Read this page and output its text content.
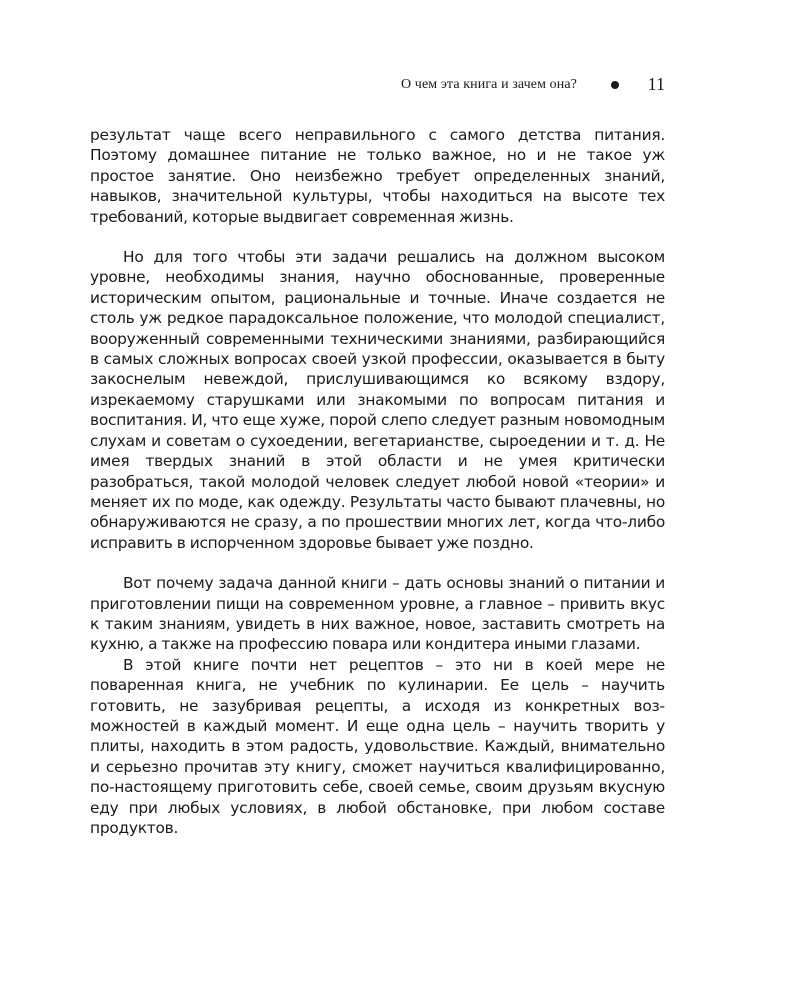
О чем эта книга и зачем она?	11

результат чаще всего неправильного с самого детства питания. Поэтому домашнее питание не только важное, но и не такое уж простое занятие. Оно неизбежно требует определенных знаний, навыков, значительной культуры, чтобы находиться на высоте тех требований, которые выдвигает современная жизнь.

Но для того чтобы эти задачи решались на должном высоком уровне, необходимы знания, научно обоснованные, проверенные историческим опытом, рациональные и точные. Иначе создается не столь уж редкое парадоксальное положение, что молодой специалист, вооруженный современными техническими знаниями, разбирающийся в самых сложных вопросах своей узкой профессии, оказывается в быту закоснелым невеждой, прислушивающимся ко всякому вздору, изрекаемому старушками или знакомыми по вопросам питания и воспитания. И, что еще хуже, порой слепо следует разным новомодным слухам и советам о сухоедении, вегетарианстве, сыроедении и т. д. Не имея твердых знаний в этой области и не умея критически разобраться, такой молодой человек следует любой новой «теории» и меняет их по моде, как одежду. Результаты часто бывают плачевны, но обнаруживаются не сразу, а по прошествии многих лет, когда что-либо исправить в испорченном здоровье бывает уже поздно.

Вот почему задача данной книги – дать основы знаний о питании и приготовлении пищи на современном уровне, а главное – привить вкус к таким знаниям, увидеть в них важное, новое, заставить смотреть на кухню, а также на профессию повара или кондитера иными глазами.

В этой книге почти нет рецептов – это ни в коей мере не поваренная книга, не учебник по кулинарии. Ее цель – научить готовить, не зазубривая рецепты, а исходя из конкретных возможностей в каждый момент. И еще одна цель – научить творить у плиты, находить в этом радость, удовольствие. Каждый, внимательно и серьезно прочитав эту книгу, сможет научиться квалифицированно, по-настоящему приготовить себе, своей семье, своим друзьям вкусную еду при любых условиях, в любой обстановке, при любом составе продуктов.
